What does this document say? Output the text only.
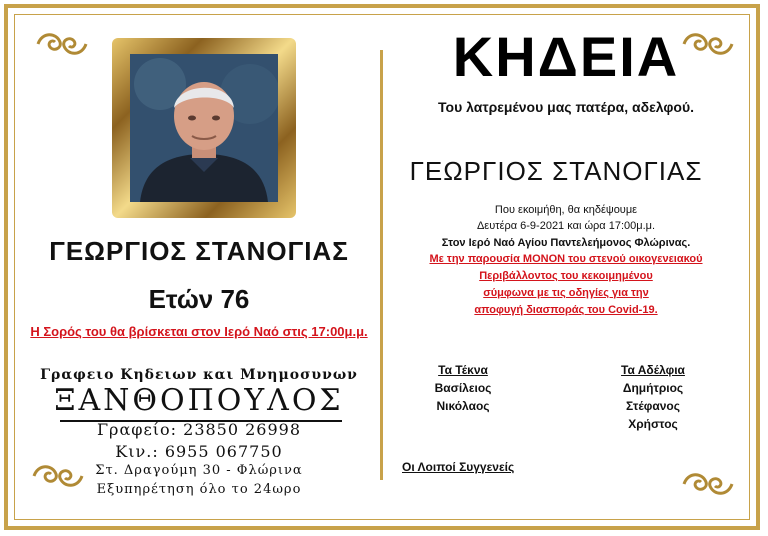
ΓΕΩΡΓΙΟΣ ΣΤΑΝΟΓΙΑΣ

Ετών 76

Η Σορός του θα βρίσκεται στον Ιερό Ναό στις 17:00μ.μ.

Γραφειο Κηδειων και Μνημοσυνων

ΞΑΝΘΟΠΟΥΛΟΣ

Γραφείο: 23850 26998

Κιν.: 6955 067750

Στ. Δραγούμη 30 - Φλώρινα

Εξυπηρέτηση όλο το 24ωρο

ΚΗΔΕΙΑ

Του λατρεμένου μας πατέρα, αδελφού.

ΓΕΩΡΓΙΟΣ ΣΤΑΝΟΓΙΑΣ

Που εκοιμήθη, θα κηδέψουμε

Δευτέρα 6-9-2021 και ώρα 17:00μ.μ.

Στον Ιερό Ναό Αγίου Παντελεήμονος Φλώρινας.

Με την παρουσία ΜΟΝΟΝ του στενού οικογενειακού

Περιβάλλοντος του κεκοιμημένου

σύμφωνα με τις οδηγίες για την

αποφυγή διασποράς του Covid-19.

Τα Τέκνα

Βασίλειος

Νικόλαος

Τα Αδέλφια

Δημήτριος

Στέφανος

Χρήστος

Οι Λοιποί Συγγενείς
